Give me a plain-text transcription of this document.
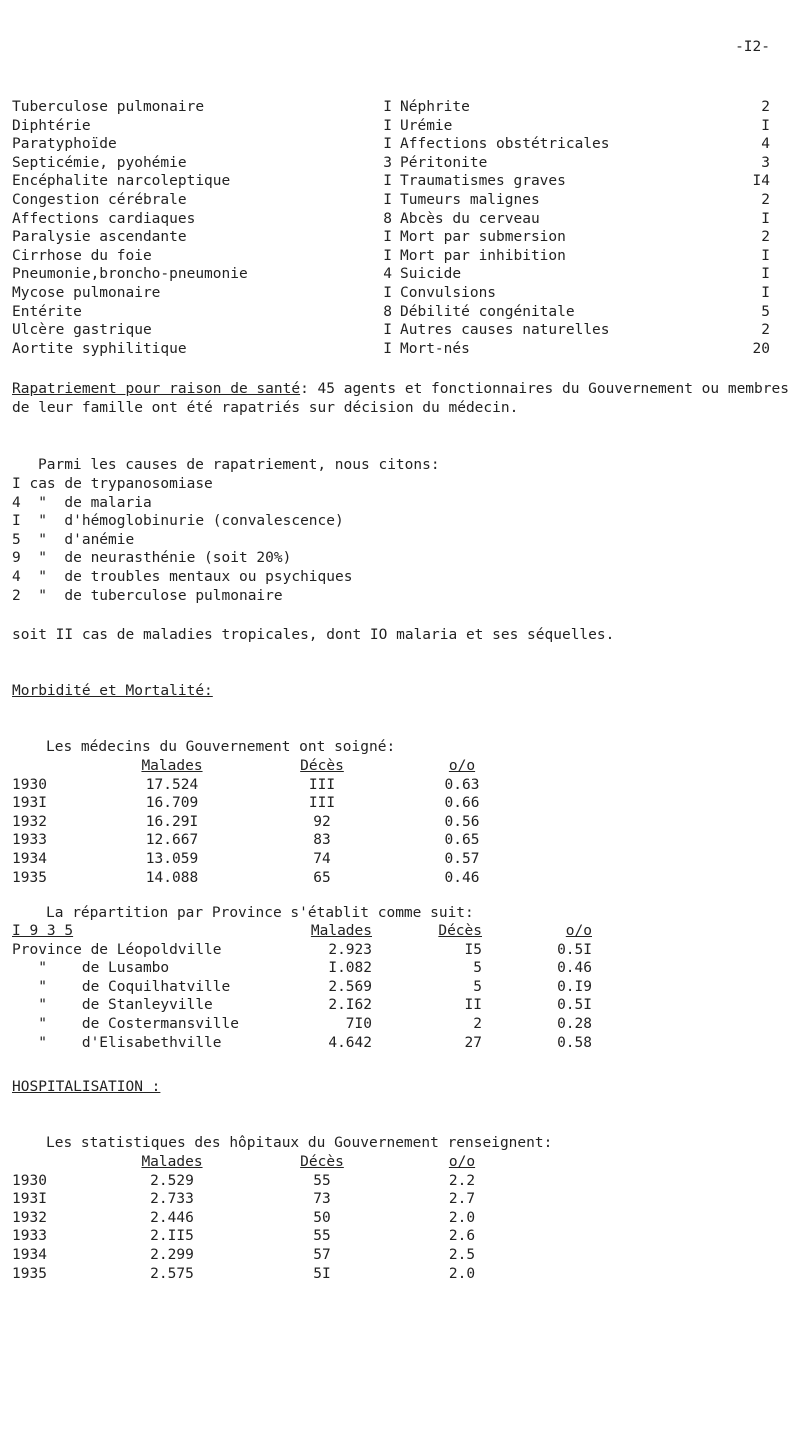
-I2-
Tuberculose pulmonaire	I
Diphtérie	I
Paratyphoïde	I
Septicémie, pyohémie	3
Encéphalite narcoleptique	I
Congestion cérébrale	I
Affections cardiaques	8
Paralysie ascendante	I
Cirrhose du foie	I
Pneumonie,broncho-pneumonie	4
Mycose pulmonaire	I
Entérite	8
Ulcère gastrique	I
Aortite syphilitique	I
Néphrite	2
Urémie	I
Affections obstétricales	4
Péritonite	3
Traumatismes graves	I4
Tumeurs malignes	2
Abcès du cerveau	I
Mort par submersion	2
Mort par inhibition	I
Suicide	I
Convulsions	I
Débilité congénitale	5
Autres causes naturelles	2
Mort-nés	20
Rapatriement pour raison de santé: 45 agents et fonctionnaires du Gouvernement ou membres de leur famille ont été rapatriés sur décision du médecin.
Parmi les causes de rapatriement, nous citons:
I cas de trypanosomiase
4  "  de malaria
I  "  d'hémoglobinurie (convalescence)
5  "  d'anémie
9  "  de neurasthénie (soit 20%)
4  "  de troubles mentaux ou psychiques
2  "  de tuberculose pulmonaire
soit II cas de maladies tropicales, dont IO malaria et ses séquelles.
Morbidité et Mortalité:
Les médecins du Gouvernement ont soigné:
Malades	Décès	o/o
1930	17.524	III	0.63
193I	16.709	III	0.66
1932	16.29I	92	0.56
1933	12.667	83	0.65
1934	13.059	74	0.57
1935	14.088	65	0.46
La répartition par Province s'établit comme suit:
I 9 3 5	Malades	Décès	o/o
Province de Léopoldville	2.923	I5	0.5I
"    de Lusambo	I.082	5	0.46
"    de Coquilhatville	2.569	5	0.I9
"    de Stanleyville	2.I62	II	0.5I
"    de Costermansville	7I0	2	0.28
"    d'Elisabethville	4.642	27	0.58
HOSPITALISATION :
Les statistiques des hôpitaux du Gouvernement renseignent:
Malades	Décès	o/o
1930	2.529	55	2.2
193I	2.733	73	2.7
1932	2.446	50	2.0
1933	2.II5	55	2.6
1934	2.299	57	2.5
1935	2.575	5I	2.0
